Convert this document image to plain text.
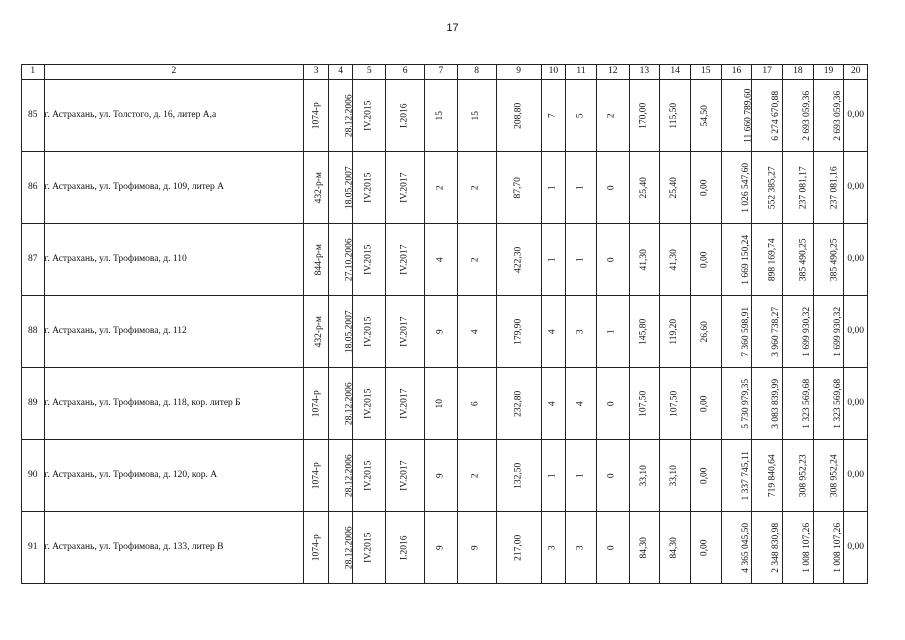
17
1	2	3	4	5	6	7	8	9	10	11	12	13	14	15	16	17	18	19	20
85	г. Астрахань, ул. Толстого, д. 16, литер А,а	1074-р	28.12.2006	IV.2015	I.2016	15	15	208,80	7	5	2	170,00	115,50	54,50	11 660 789,60	6 274 670,88	2 693 059,36	2 693 059,36	0,00
86	г. Астрахань, ул. Трофимова, д. 109, литер А	432-р-м	18.05.2007	IV.2015	IV.2017	2	2	87,70	1	1	0	25,40	25,40	0,00	1 026 547,60	552 385,27	237 081,17	237 081,16	0,00
87	г. Астрахань, ул. Трофимова, д. 110	844-р-м	27.10.2006	IV.2015	IV.2017	4	2	422,30	1	1	0	41,30	41,30	0,00	1 669 150,24	898 169,74	385 490,25	385 490,25	0,00
88	г. Астрахань, ул. Трофимова, д. 112	432-р-м	18.05.2007	IV.2015	IV.2017	9	4	179,90	4	3	1	145,80	119,20	26,60	7 360 598,91	3 960 738,27	1 699 930,32	1 699 930,32	0,00
89	г. Астрахань, ул. Трофимова, д. 118, кор. литер Б	1074-р	28.12.2006	IV.2015	IV.2017	10	6	232,80	4	4	0	107,50	107,50	0,00	5 730 979,35	3 083 839,99	1 323 569,68	1 323 569,68	0,00
90	г. Астрахань, ул. Трофимова, д. 120, кор. А	1074-р	28.12.2006	IV.2015	IV.2017	9	2	132,50	1	1	0	33,10	33,10	0,00	1 337 745,11	719 840,64	308 952,23	308 952,24	0,00
91	г. Астрахань, ул. Трофимова, д. 133, литер В	1074-р	28.12.2006	IV.2015	I.2016	9	9	217,00	3	3	0	84,30	84,30	0,00	4 365 045,50	2 348 830,98	1 008 107,26	1 008 107,26	0,00
